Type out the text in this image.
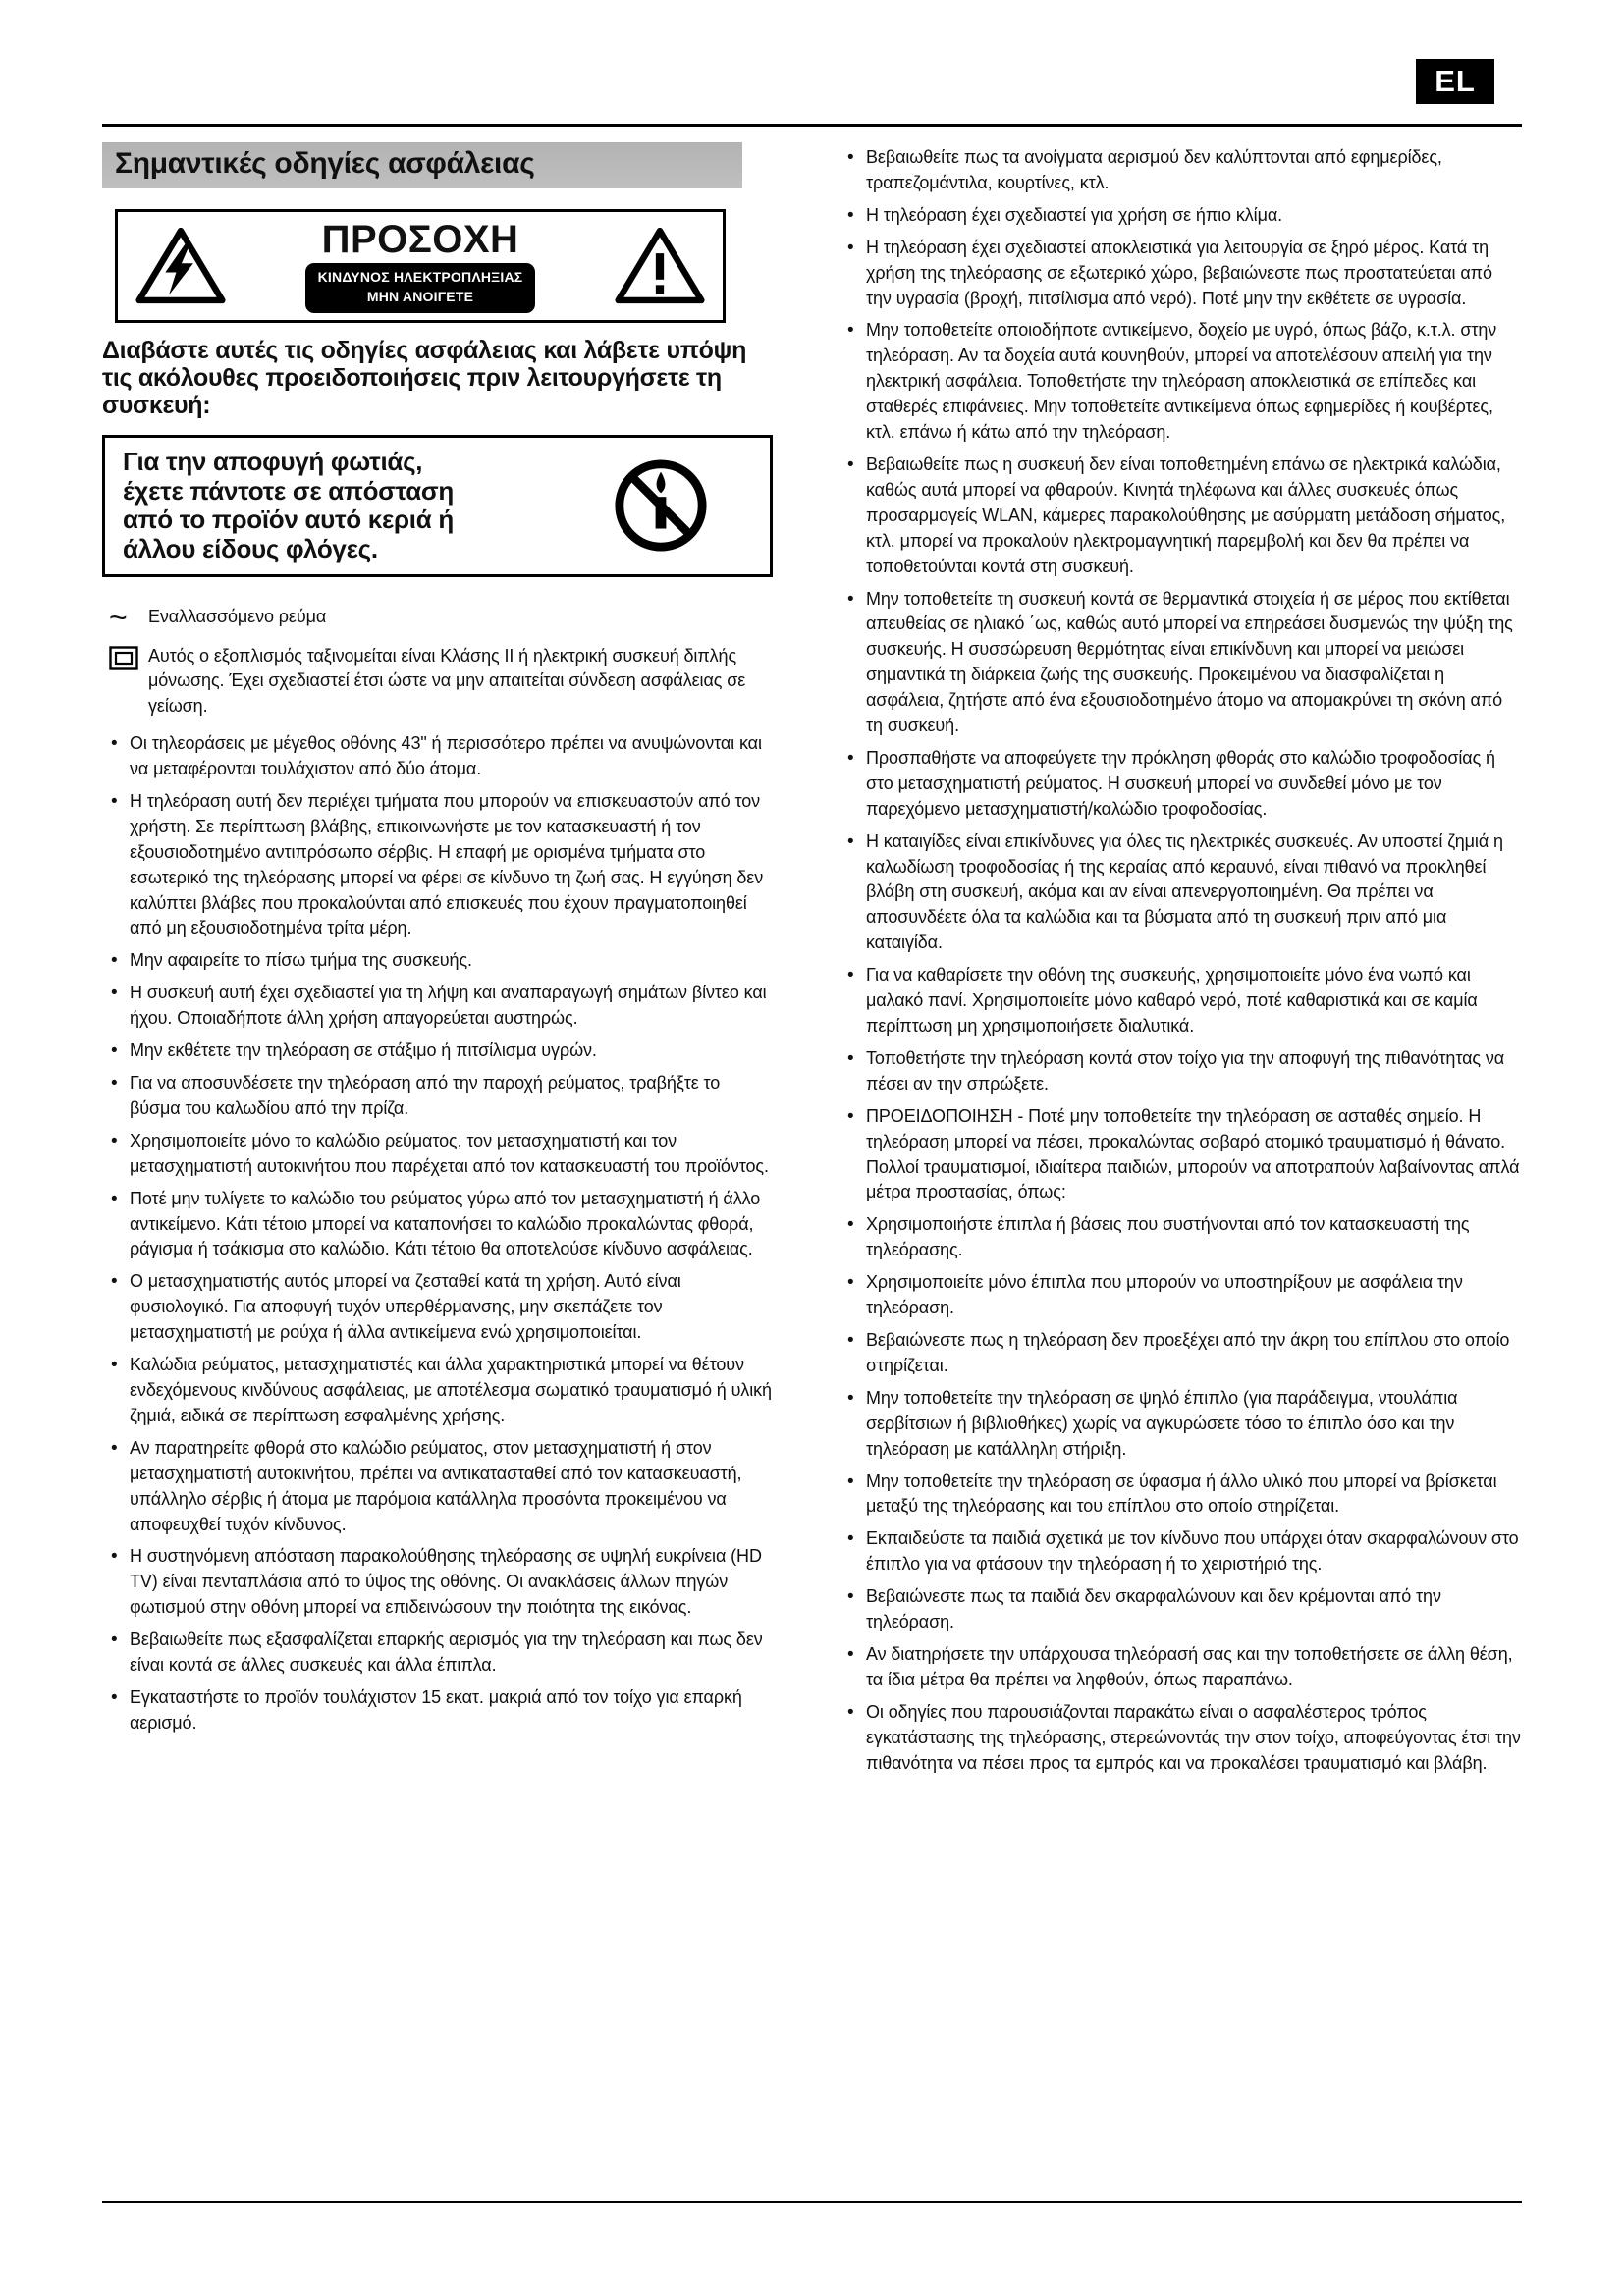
EL
Σημαντικές οδηγίες ασφάλειας
ΠΡΟΣΟΧΗ
ΚΙΝΔΥΝΟΣ ΗΛΕΚΤΡΟΠΛΗΞΙΑΣ
ΜΗΝ ΑΝΟΙΓΕΤΕ

Διαβάστε αυτές τις οδηγίες ασφάλειας και λάβετε υπόψη τις ακόλουθες προειδοποιήσεις πριν λειτουργήσετε τη συσκευή:

Για την αποφυγή φωτιάς, έχετε πάντοτε σε απόσταση από το προϊόν αυτό κεριά ή άλλου είδους φλόγες.

~	Εναλλασσόμενο ρεύμα

Αυτός ο εξοπλισμός ταξινομείται είναι Κλάσης ΙΙ ή ηλεκτρική συσκευή διπλής μόνωσης. Έχει σχεδιαστεί έτσι ώστε να μην απαιτείται σύνδεση ασφάλειας σε γείωση.

• Οι τηλεοράσεις με μέγεθος οθόνης 43" ή περισσότερο πρέπει να ανυψώνονται και να μεταφέρονται τουλάχιστον από δύο άτομα.
• Η τηλεόραση αυτή δεν περιέχει τμήματα που μπορούν να επισκευαστούν από τον χρήστη. Σε περίπτωση βλάβης, επικοινωνήστε με τον κατασκευαστή ή τον εξουσιοδοτημένο αντιπρόσωπο σέρβις. Η επαφή με ορισμένα τμήματα στο εσωτερικό της τηλεόρασης μπορεί να φέρει σε κίνδυνο τη ζωή σας. Η εγγύηση δεν καλύπτει βλάβες που προκαλούνται από επισκευές που έχουν πραγματοποιηθεί από μη εξουσιοδοτημένα τρίτα μέρη.
• Μην αφαιρείτε το πίσω τμήμα της συσκευής.
• Η συσκευή αυτή έχει σχεδιαστεί για τη λήψη και αναπαραγωγή σημάτων βίντεο και ήχου. Οποιαδήποτε άλλη χρήση απαγορεύεται αυστηρώς.
• Μην εκθέτετε την τηλεόραση σε στάξιμο ή πιτσίλισμα υγρών.
• Για να αποσυνδέσετε την τηλεόραση από την παροχή ρεύματος, τραβήξτε το βύσμα του καλωδίου από την πρίζα.
• Χρησιμοποιείτε μόνο το καλώδιο ρεύματος, τον μετασχηματιστή και τον μετασχηματιστή αυτοκινήτου που παρέχεται από τον κατασκευαστή του προϊόντος.
• Ποτέ μην τυλίγετε το καλώδιο του ρεύματος γύρω από τον μετασχηματιστή ή άλλο αντικείμενο. Κάτι τέτοιο μπορεί να καταπονήσει το καλώδιο προκαλώντας φθορά, ράγισμα ή τσάκισμα στο καλώδιο. Κάτι τέτοιο θα αποτελούσε κίνδυνο ασφάλειας.
• Ο μετασχηματιστής αυτός μπορεί να ζεσταθεί κατά τη χρήση. Αυτό είναι φυσιολογικό. Για αποφυγή τυχόν υπερθέρμανσης, μην σκεπάζετε τον μετασχηματιστή με ρούχα ή άλλα αντικείμενα ενώ χρησιμοποιείται.
• Καλώδια ρεύματος, μετασχηματιστές και άλλα χαρακτηριστικά μπορεί να θέτουν ενδεχόμενους κινδύνους ασφάλειας, με αποτέλεσμα σωματικό τραυματισμό ή υλική ζημιά, ειδικά σε περίπτωση εσφαλμένης χρήσης.
• Αν παρατηρείτε φθορά στο καλώδιο ρεύματος, στον μετασχηματιστή ή στον μετασχηματιστή αυτοκινήτου, πρέπει να αντικατασταθεί από τον κατασκευαστή, υπάλληλο σέρβις ή άτομα με παρόμοια κατάλληλα προσόντα προκειμένου να αποφευχθεί τυχόν κίνδυνος.
• Η συστηνόμενη απόσταση παρακολούθησης τηλεόρασης σε υψηλή ευκρίνεια (HD TV) είναι πενταπλάσια από το ύψος της οθόνης. Οι ανακλάσεις άλλων πηγών φωτισμού στην οθόνη μπορεί να επιδεινώσουν την ποιότητα της εικόνας.
• Βεβαιωθείτε πως εξασφαλίζεται επαρκής αερισμός για την τηλεόραση και πως δεν είναι κοντά σε άλλες συσκευές και άλλα έπιπλα.
• Εγκαταστήστε το προϊόν τουλάχιστον 15 εκατ. μακριά από τον τοίχο για επαρκή αερισμό.
• Βεβαιωθείτε πως τα ανοίγματα αερισμού δεν καλύπτονται από εφημερίδες, τραπεζομάντιλα, κουρτίνες, κτλ.
• Η τηλεόραση έχει σχεδιαστεί για χρήση σε ήπιο κλίμα.
• Η τηλεόραση έχει σχεδιαστεί αποκλειστικά για λειτουργία σε ξηρό μέρος. Κατά τη χρήση της τηλεόρασης σε εξωτερικό χώρο, βεβαιώνεστε πως προστατεύεται από την υγρασία (βροχή, πιτσίλισμα από νερό). Ποτέ μην την εκθέτετε σε υγρασία.
• Μην τοποθετείτε οποιοδήποτε αντικείμενο, δοχείο με υγρό, όπως βάζο, κ.τ.λ. στην τηλεόραση. Αν τα δοχεία αυτά κουνηθούν, μπορεί να αποτελέσουν απειλή για την ηλεκτρική ασφάλεια. Τοποθετήστε την τηλεόραση αποκλειστικά σε επίπεδες και σταθερές επιφάνειες. Μην τοποθετείτε αντικείμενα όπως εφημερίδες ή κουβέρτες, κτλ. επάνω ή κάτω από την τηλεόραση.
• Βεβαιωθείτε πως η συσκευή δεν είναι τοποθετημένη επάνω σε ηλεκτρικά καλώδια, καθώς αυτά μπορεί να φθαρούν. Κινητά τηλέφωνα και άλλες συσκευές όπως προσαρμογείς WLAN, κάμερες παρακολούθησης με ασύρματη μετάδοση σήματος, κτλ. μπορεί να προκαλούν ηλεκτρομαγνητική παρεμβολή και δεν θα πρέπει να τοποθετούνται κοντά στη συσκευή.
• Μην τοποθετείτε τη συσκευή κοντά σε θερμαντικά στοιχεία ή σε μέρος που εκτίθεται απευθείας σε ηλιακό ΄ως, καθώς αυτό μπορεί να επηρεάσει δυσμενώς την ψύξη της συσκευής. Η συσσώρευση θερμότητας είναι επικίνδυνη και μπορεί να μειώσει σημαντικά τη διάρκεια ζωής της συσκευής. Προκειμένου να διασφαλίζεται η ασφάλεια, ζητήστε από ένα εξουσιοδοτημένο άτομο να απομακρύνει τη σκόνη από τη συσκευή.
• Προσπαθήστε να αποφεύγετε την πρόκληση φθοράς στο καλώδιο τροφοδοσίας ή στο μετασχηματιστή ρεύματος. Η συσκευή μπορεί να συνδεθεί μόνο με τον παρεχόμενο μετασχηματιστή/καλώδιο τροφοδοσίας.
• Η καταιγίδες είναι επικίνδυνες για όλες τις ηλεκτρικές συσκευές. Αν υποστεί ζημιά η καλωδίωση τροφοδοσίας ή της κεραίας από κεραυνό, είναι πιθανό να προκληθεί βλάβη στη συσκευή, ακόμα και αν είναι απενεργοποιημένη. Θα πρέπει να αποσυνδέετε όλα τα καλώδια και τα βύσματα από τη συσκευή πριν από μια καταιγίδα.
• Για να καθαρίσετε την οθόνη της συσκευής, χρησιμοποιείτε μόνο ένα νωπό και μαλακό πανί. Χρησιμοποιείτε μόνο καθαρό νερό, ποτέ καθαριστικά και σε καμία περίπτωση μη χρησιμοποιήσετε διαλυτικά.
• Τοποθετήστε την τηλεόραση κοντά στον τοίχο για την αποφυγή της πιθανότητας να πέσει αν την σπρώξετε.
• ΠΡΟΕΙΔΟΠΟΙΗΣΗ - Ποτέ μην τοποθετείτε την τηλεόραση σε ασταθές σημείο. Η τηλεόραση μπορεί να πέσει, προκαλώντας σοβαρό ατομικό τραυματισμό ή θάνατο. Πολλοί τραυματισμοί, ιδιαίτερα παιδιών, μπορούν να αποτραπούν λαβαίνοντας απλά μέτρα προστασίας, όπως:
• Χρησιμοποιήστε έπιπλα ή βάσεις που συστήνονται από τον κατασκευαστή της τηλεόρασης.
• Χρησιμοποιείτε μόνο έπιπλα που μπορούν να υποστηρίξουν με ασφάλεια την τηλεόραση.
• Βεβαιώνεστε πως η τηλεόραση δεν προεξέχει από την άκρη του επίπλου στο οποίο στηρίζεται.
• Μην τοποθετείτε την τηλεόραση σε ψηλό έπιπλο (για παράδειγμα, ντουλάπια σερβίτσιων ή βιβλιοθήκες) χωρίς να αγκυρώσετε τόσο το έπιπλο όσο και την τηλεόραση με κατάλληλη στήριξη.
• Μην τοποθετείτε την τηλεόραση σε ύφασμα ή άλλο υλικό που μπορεί να βρίσκεται μεταξύ της τηλεόρασης και του επίπλου στο οποίο στηρίζεται.
• Εκπαιδεύστε τα παιδιά σχετικά με τον κίνδυνο που υπάρχει όταν σκαρφαλώνουν στο έπιπλο για να φτάσουν την τηλεόραση ή το χειριστήριό της.
• Βεβαιώνεστε πως τα παιδιά δεν σκαρφαλώνουν και δεν κρέμονται από την τηλεόραση.
• Αν διατηρήσετε την υπάρχουσα τηλεόρασή σας και την τοποθετήσετε σε άλλη θέση, τα ίδια μέτρα θα πρέπει να ληφθούν, όπως παραπάνω.
• Οι οδηγίες που παρουσιάζονται παρακάτω είναι ο ασφαλέστερος τρόπος εγκατάστασης της τηλεόρασης, στερεώνοντάς την στον τοίχο, αποφεύγοντας έτσι την πιθανότητα να πέσει προς τα εμπρός και να προκαλέσει τραυματισμό και βλάβη.
